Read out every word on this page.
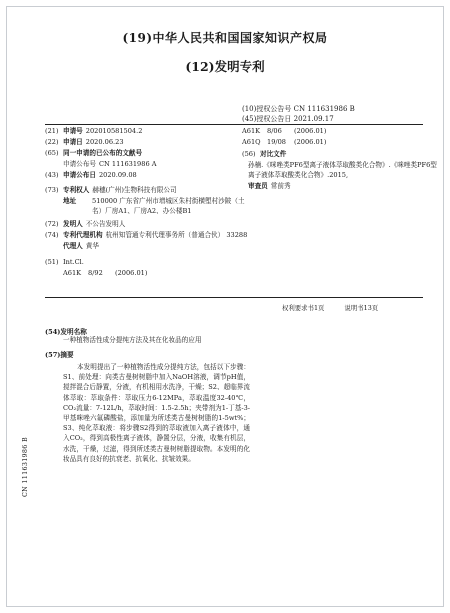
(19)中华人民共和国国家知识产权局
(12)发明专利
(10)授权公告号 CN 111631986 B
(45)授权公告日 2021.09.17
(21) 申请号 202010581504.2
(22) 申请日 2020.06.23
(65) 同一申请的已公布的文献号
申请公布号 CN 111631986 A
(43) 申请公布日 2020.09.08
(73) 专利权人 赫穗(广州)生物科技有限公司
地址	510000 广东省广州市增城区朱村街横塱村沙陂（土名）厂房A1、厂房A2、办公楼B1
(72) 发明人 不公告发明人
(74) 专利代理机构 杭州知管通专利代理事务所（普通合伙） 33288
代理人 黄华
(51) Int.Cl.
A61K	8/92	(2006.01)
A61K	8/06	(2006.01)
A61Q 19/08	(2006.01)
(56) 对比文件
孙楠.《咪唑类PF6型离子液体萃取酸类化合物》.《咪唑类PF6型离子液体萃取酸类化合物》.2015,
审查员 常前秀
权利要求书1页	说明书13页
(54)发明名称
一种植物活性成分提纯方法及其在化妆品的应用
(57)摘要
本发明提出了一种植物活性成分提纯方法，包括以下步骤：S1、前处理：向类古曼树树脂中加入NaOH溶液，调节pH值，搅拌混合后静置，分液，有机相用水洗净，干燥；S2、超临界流体萃取：萃取条件：萃取压力6-12MPa，萃取温度32-40℃，CO₂流量：7-12L/h，萃取时间：1.5-2.5h；夹带剂为1-丁基-3-甲基咪唑六氟磷酸盐，添加量为所述类古曼树树脂的1-5wt%；S3、纯化萃取液：将步骤S2得到的萃取液加入离子液体中，通入CO₂，得到高极性离子液体，静置分层，分液，收集有机层，水洗，干燥，过滤，得到所述类古曼树树脂提取物。本发明的化妆品具有良好的抗衰老、抗氧化、抗皱效果。
CN 111631986 B
